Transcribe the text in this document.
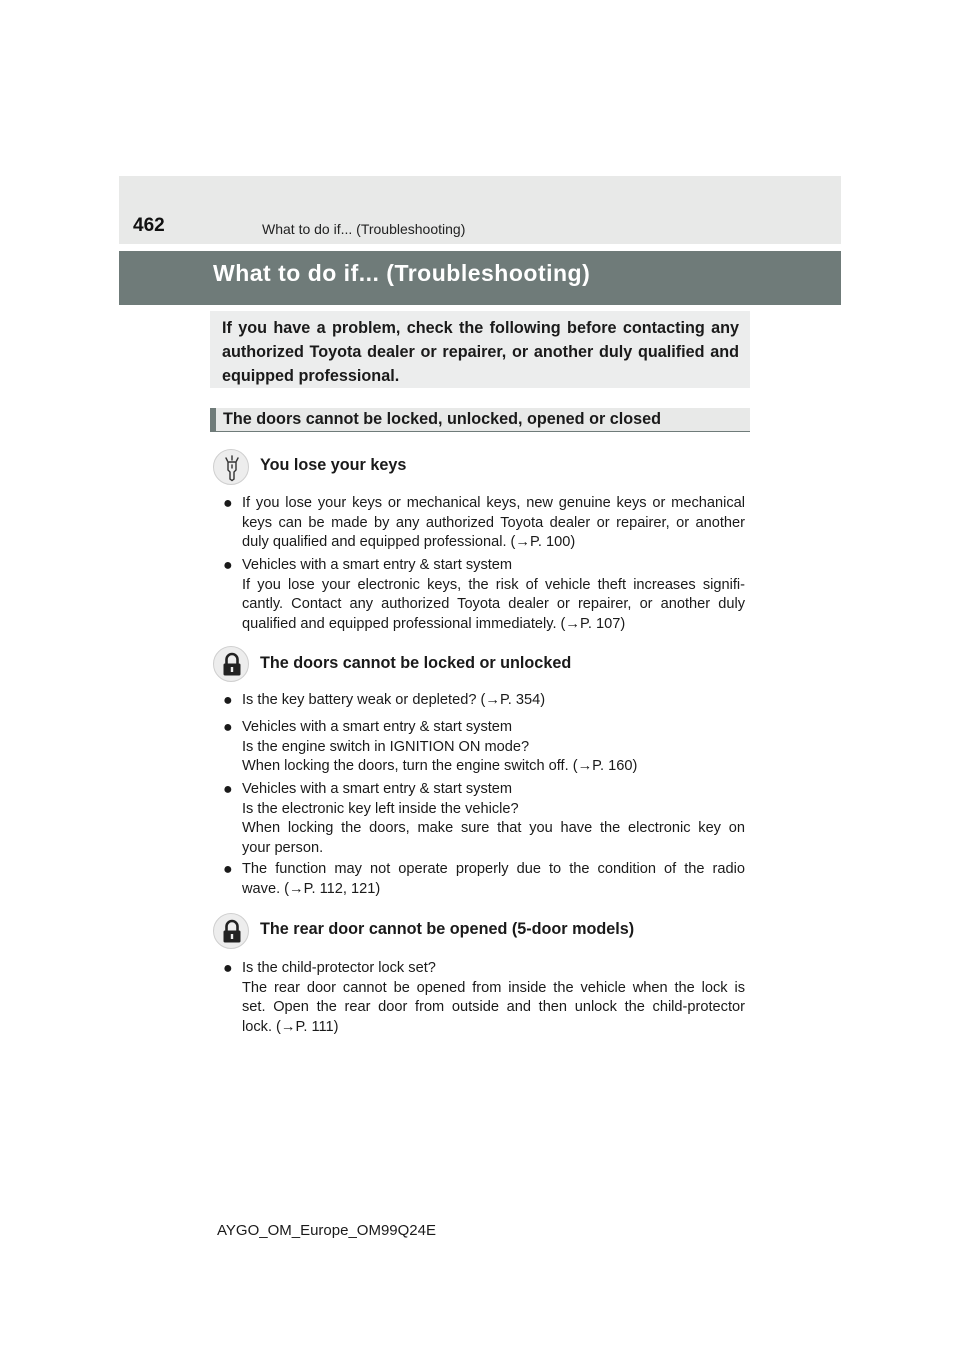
462	What to do if... (Troubleshooting)
What to do if... (Troubleshooting)
If you have a problem, check the following before contacting any authorized Toyota dealer or repairer, or another duly qualified and equipped professional.
The doors cannot be locked, unlocked, opened or closed
You lose your keys
● If you lose your keys or mechanical keys, new genuine keys or mechanical
keys can be made by any authorized Toyota dealer or repairer, or another
duly qualified and equipped professional. (→P. 100)
● Vehicles with a smart entry & start system
If you lose your electronic keys, the risk of vehicle theft increases signifi-
cantly. Contact any authorized Toyota dealer or repairer, or another duly
qualified and equipped professional immediately. (→P. 107)
The doors cannot be locked or unlocked
● Is the key battery weak or depleted? (→P. 354)
● Vehicles with a smart entry & start system
Is the engine switch in IGNITION ON mode?
When locking the doors, turn the engine switch off. (→P. 160)
● Vehicles with a smart entry & start system
Is the electronic key left inside the vehicle?
When locking the doors, make sure that you have the electronic key on
your person.
● The function may not operate properly due to the condition of the radio
wave. (→P. 112, 121)
The rear door cannot be opened (5-door models)
● Is the child-protector lock set?
The rear door cannot be opened from inside the vehicle when the lock is
set. Open the rear door from outside and then unlock the child-protector
lock. (→P. 111)
AYGO_OM_Europe_OM99Q24E
